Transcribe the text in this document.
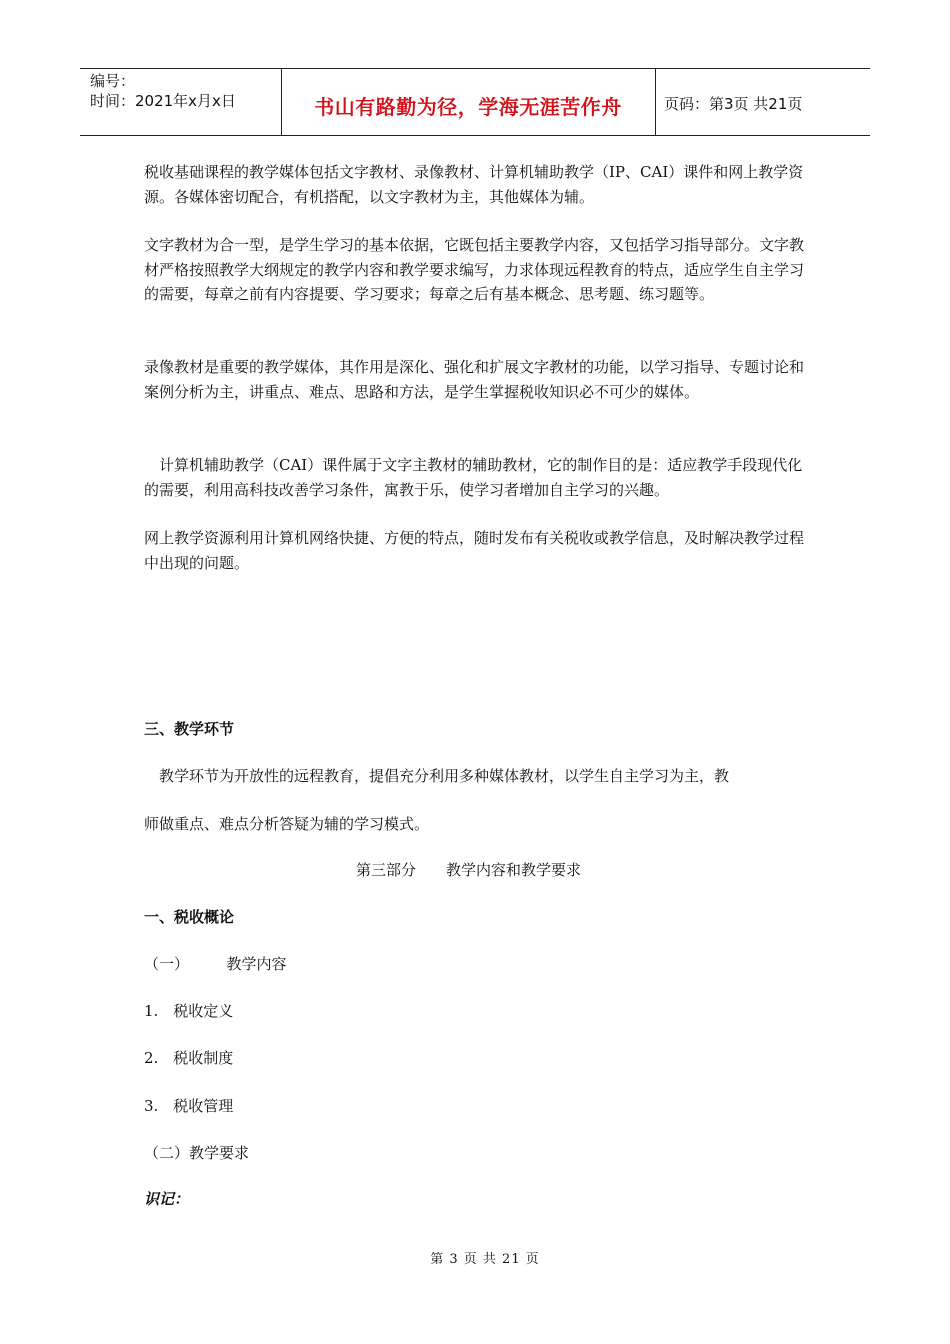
编号：
时间：2021年x月x日	书山有路勤为径，学海无涯苦作舟	页码：第3页 共21页

税收基础课程的教学媒体包括文字教材、录像教材、计算机辅助教学（IP、CAI）课件和网上教学资源。各媒体密切配合，有机搭配，以文字教材为主，其他媒体为辅。

文字教材为合一型，是学生学习的基本依据，它既包括主要教学内容，又包括学习指导部分。文字教材严格按照教学大纲规定的教学内容和教学要求编写，力求体现远程教育的特点，适应学生自主学习的需要，每章之前有内容提要、学习要求；每章之后有基本概念、思考题、练习题等。

录像教材是重要的教学媒体，其作用是深化、强化和扩展文字教材的功能，以学习指导、专题讨论和案例分析为主，讲重点、难点、思路和方法，是学生掌握税收知识必不可少的媒体。

　计算机辅助教学（CAI）课件属于文字主教材的辅助教材，它的制作目的是：适应教学手段现代化的需要，利用高科技改善学习条件，寓教于乐，使学习者增加自主学习的兴趣。

网上教学资源利用计算机网络快捷、方便的特点，随时发布有关税收或教学信息，及时解决教学过程中出现的问题。

三、教学环节
　教学环节为开放性的远程教育，提倡充分利用多种媒体教材，以学生自主学习为主，教
师做重点、难点分析答疑为辅的学习模式。
第三部分　　教学内容和教学要求
一、税收概论
（一）　　　教学内容
1.　税收定义
2.　税收制度
3.　税收管理
（二）教学要求
识记：
第 3 页 共 21 页
